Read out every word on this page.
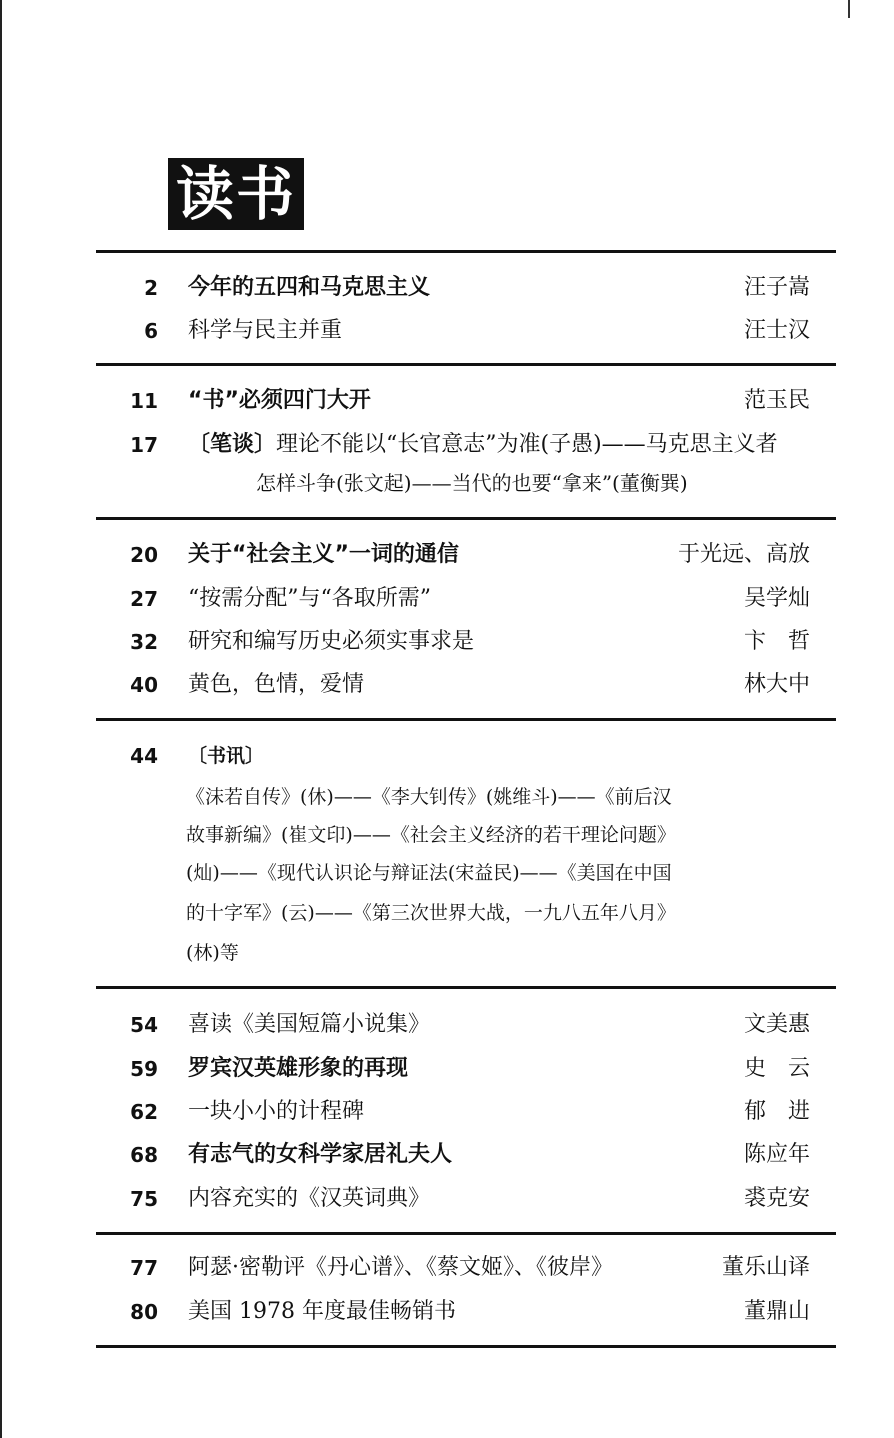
读书
2 今年的五四和马克思主义	汪子嵩
6 科学与民主并重	汪士汉
11 “书”必须四门大开	范玉民
17 〔笔谈〕理论不能以“长官意志”为准(子愚)——马克思主义者
怎样斗争(张文起)——当代的也要“拿来”(董衡巽)
20 关于“社会主义”一词的通信	于光远、高放
27 “按需分配”与“各取所需”	吴学灿
32 研究和编写历史必须实事求是	卞　哲
40 黄色，色情，爱情	林大中
44 〔书讯〕
《沫若自传》(休)——《李大钊传》(姚维斗)——《前后汉
故事新编》(崔文印)——《社会主义经济的若干理论问题》
(灿)——《现代认识论与辩证法(宋益民)——《美国在中国
的十字军》(云)——《第三次世界大战，一九八五年八月》
(林)等
54 喜读《美国短篇小说集》	文美惠
59 罗宾汉英雄形象的再现	史　云
62 一块小小的计程碑	郁　进
68 有志气的女科学家居礼夫人	陈应年
75 内容充实的《汉英词典》	裘克安
77 阿瑟·密勒评《丹心谱》、《蔡文姬》、《彼岸》	董乐山译
80 美国 1978 年度最佳畅销书	董鼎山
